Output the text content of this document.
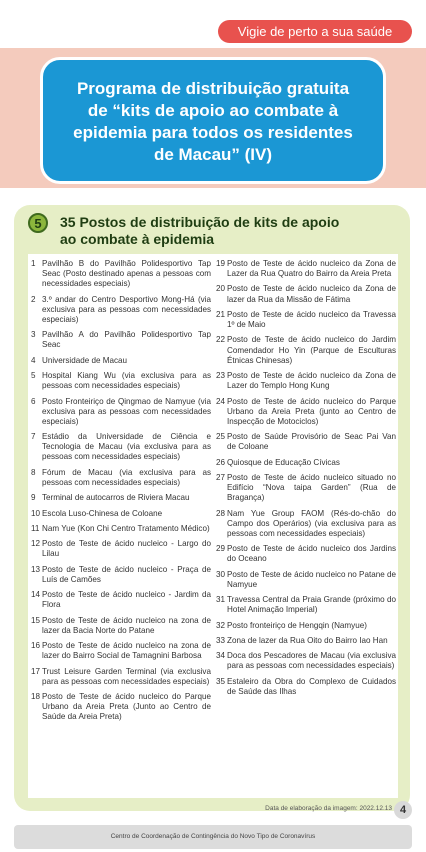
Vigie de perto a sua saúde
Programa de distribuição gratuita
de “kits de apoio ao combate à
epidemia para todos os residentes
de Macau” (IV)
5	35 Postos de distribuição de kits de apoio
ao combate à epidemia
1 Pavilhão B do Pavilhão Polidesportivo Tap Seac (Posto destinado apenas a pessoas com necessidades especiais)
2 3.º andar do Centro Desportivo Mong-Há (via exclusiva para as pessoas com necessidades especiais)
3 Pavilhão A do Pavilhão Polidesportivo Tap Seac
4 Universidade de Macau
5 Hospital Kiang Wu (via exclusiva para as pessoas com necessidades especiais)
6 Posto Fronteiriço de Qingmao de Namyue (via exclusiva para as pessoas com necessidades especiais)
7 Estádio da Universidade de Ciência e Tecnologia de Macau (via exclusiva para as pessoas com necessidades especiais)
8 Fórum de Macau (via exclusiva para as pessoas com necessidades especiais)
9 Terminal de autocarros de Riviera Macau
10 Escola Luso-Chinesa de Coloane
11 Nam Yue (Kon Chi Centro Tratamento Médico)
12 Posto de Teste de ácido nucleico - Largo do Lilau
13 Posto de Teste de ácido nucleico - Praça de Luís de Camões
14 Posto de Teste de ácido nucleico - Jardim da Flora
15 Posto de Teste de ácido nucleico na zona de lazer da Bacia Norte do Patane
16 Posto de Teste de ácido nucleico na zona de lazer do Bairro Social de Tamagnini Barbosa
17 Trust Leisure Garden Terminal (via exclusiva para as pessoas com necessidades especiais)
18 Posto de Teste de ácido nucleico do Parque Urbano da Areia Preta (Junto ao Centro de Saúde da Areia Preta)
19 Posto de Teste de ácido nucleico da Zona de Lazer da Rua Quatro do Bairro da Areia Preta
20 Posto de Teste de ácido nucleico da Zona de lazer da Rua da Missão de Fátima
21 Posto de Teste de ácido nucleico da Travessa 1º de Maio
22 Posto de Teste de ácido nucleico do Jardim Comendador Ho Yin (Parque de Esculturas Étnicas Chinesas)
23 Posto de Teste de ácido nucleico da Zona de Lazer do Templo Hong Kung
24 Posto de Teste de ácido nucleico do Parque Urbano da Areia Preta (junto ao Centro de Inspecção de Motociclos)
25 Posto de Saúde Provisório de Seac Pai Van de Coloane
26 Quiosque de Educação Cívicas
27 Posto de Teste de ácido nucleico situado no Edifício “Nova taipa Garden” (Rua de Bragança)
28 Nam Yue Group FAOM (Rés-do-chão do Campo dos Operários) (via exclusiva para as pessoas com necessidades especiais)
29 Posto de Teste de ácido nucleico dos Jardins do Oceano
30 Posto de Teste de ácido nucleico no Patane de Namyue
31 Travessa Central da Praia Grande (próximo do Hotel Animação Imperial)
32 Posto fronteiriço de Hengqin (Namyue)
33 Zona de lazer da Rua Oito do Bairro Iao Han
34 Doca dos Pescadores de Macau (via exclusiva para as pessoas com necessidades especiais)
35 Estaleiro da Obra do Complexo de Cuidados de Saúde das Ilhas
Data de elaboração da imagem: 2022.12.13 4
Centro de Coordenação de Contingência do Novo Tipo de Coronavírus
